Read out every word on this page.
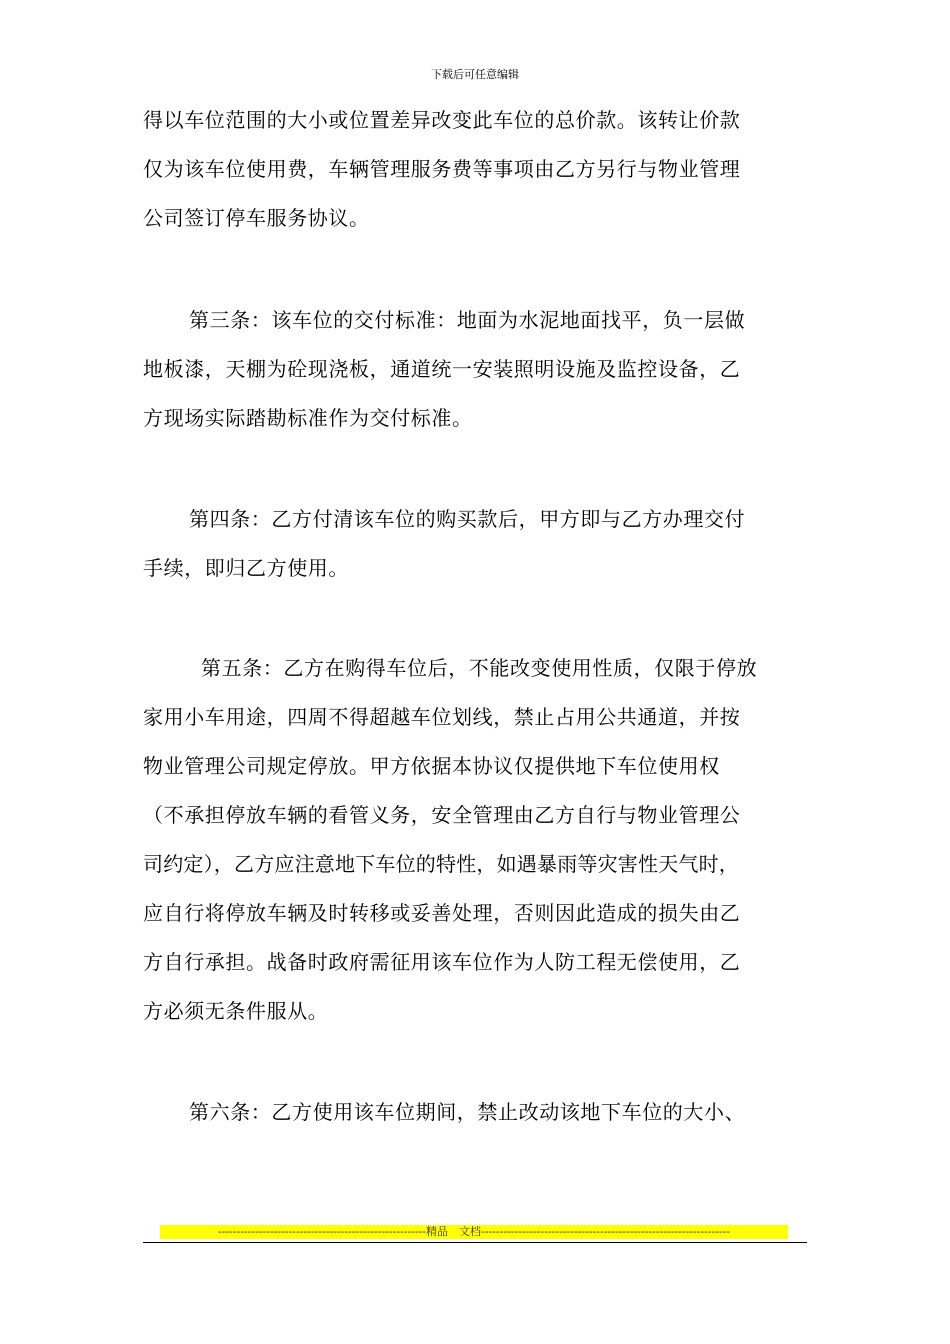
下载后可任意编辑
得以车位范围的大小或位置差异改变此车位的总价款。该转让价款
仅为该车位使用费，车辆管理服务费等事项由乙方另行与物业管理
公司签订停车服务协议。
第三条：该车位的交付标准：地面为水泥地面找平，负一层做
地板漆，天棚为砼现浇板，通道统一安装照明设施及监控设备，乙
方现场实际踏勘标准作为交付标准。
第四条：乙方付清该车位的购买款后，甲方即与乙方办理交付
手续，即归乙方使用。
第五条：乙方在购得车位后，不能改变使用性质，仅限于停放
家用小车用途，四周不得超越车位划线，禁止占用公共通道，并按
物业管理公司规定停放。甲方依据本协议仅提供地下车位使用权
（不承担停放车辆的看管义务，安全管理由乙方自行与物业管理公
司约定），乙方应注意地下车位的特性，如遇暴雨等灾害性天气时，
应自行将停放车辆及时转移或妥善处理，否则因此造成的损失由乙
方自行承担。战备时政府需征用该车位作为人防工程无偿使用，乙
方必须无条件服从。
第六条：乙方使用该车位期间，禁止改动该地下车位的大小、
--------------------------------------------------------精品　文档-------------------------------------------------------------------
